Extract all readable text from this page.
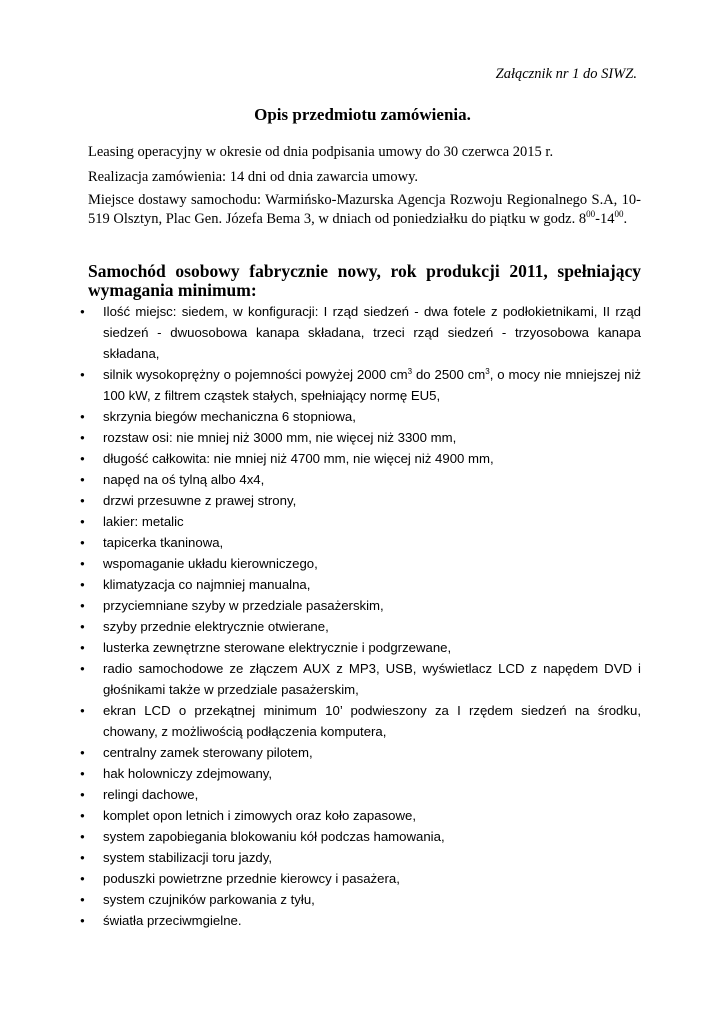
Załącznik nr 1 do SIWZ.
Opis przedmiotu zamówienia.
Leasing operacyjny w okresie od dnia podpisania umowy do 30 czerwca 2015 r.
Realizacja zamówienia: 14 dni od dnia zawarcia umowy.
Miejsce dostawy samochodu: Warmińsko-Mazurska Agencja Rozwoju Regionalnego S.A, 10-519 Olsztyn, Plac Gen. Józefa Bema 3, w dniach od poniedziałku do piątku w godz. $8^{00}-14^{00}$.
Samochód osobowy fabrycznie nowy, rok produkcji 2011, spełniający wymagania minimum:
● Ilość miejsc: siedem, w konfiguracji: I rząd siedzeń - dwa fotele z podłokietnikami, II rząd siedzeń - dwuosobowa kanapa składana, trzeci rząd siedzeń - trzyosobowa kanapa składana,
● silnik wysokoprężny o pojemności powyżej 2000 $cm^3$ do 2500 $cm^3$, o mocy nie mniejszej niż 100 kW, z filtrem cząstek stałych, spełniający normę EU5,
● skrzynia biegów mechaniczna 6 stopniowa,
● rozstaw osi: nie mniej niż 3000 mm, nie więcej niż 3300 mm,
● długość całkowita: nie mniej niż 4700 mm, nie więcej niż 4900 mm,
● napęd na oś tylną albo 4x4,
● drzwi przesuwne z prawej strony,
● lakier: metalic
● tapicerka tkaninowa,
● wspomaganie układu kierowniczego,
● klimatyzacja co najmniej manualna,
● przyciemniane szyby w przedziale pasażerskim,
● szyby przednie elektrycznie otwierane,
● lusterka zewnętrzne sterowane elektrycznie i podgrzewane,
● radio samochodowe ze złączem AUX z MP3, USB, wyświetlacz LCD z napędem DVD i głośnikami także w przedziale pasażerskim,
● ekran LCD o przekątnej minimum 10’ podwieszony za I rzędem siedzeń na środku, chowany, z możliwością podłączenia komputera,
● centralny zamek sterowany pilotem,
● hak holowniczy zdejmowany,
● relingi dachowe,
● komplet opon letnich i zimowych oraz koło zapasowe,
● system zapobiegania blokowaniu kół podczas hamowania,
● system stabilizacji toru jazdy,
● poduszki powietrzne przednie kierowcy i pasażera,
● system czujników parkowania z tyłu,
● światła przeciwmgielne.
